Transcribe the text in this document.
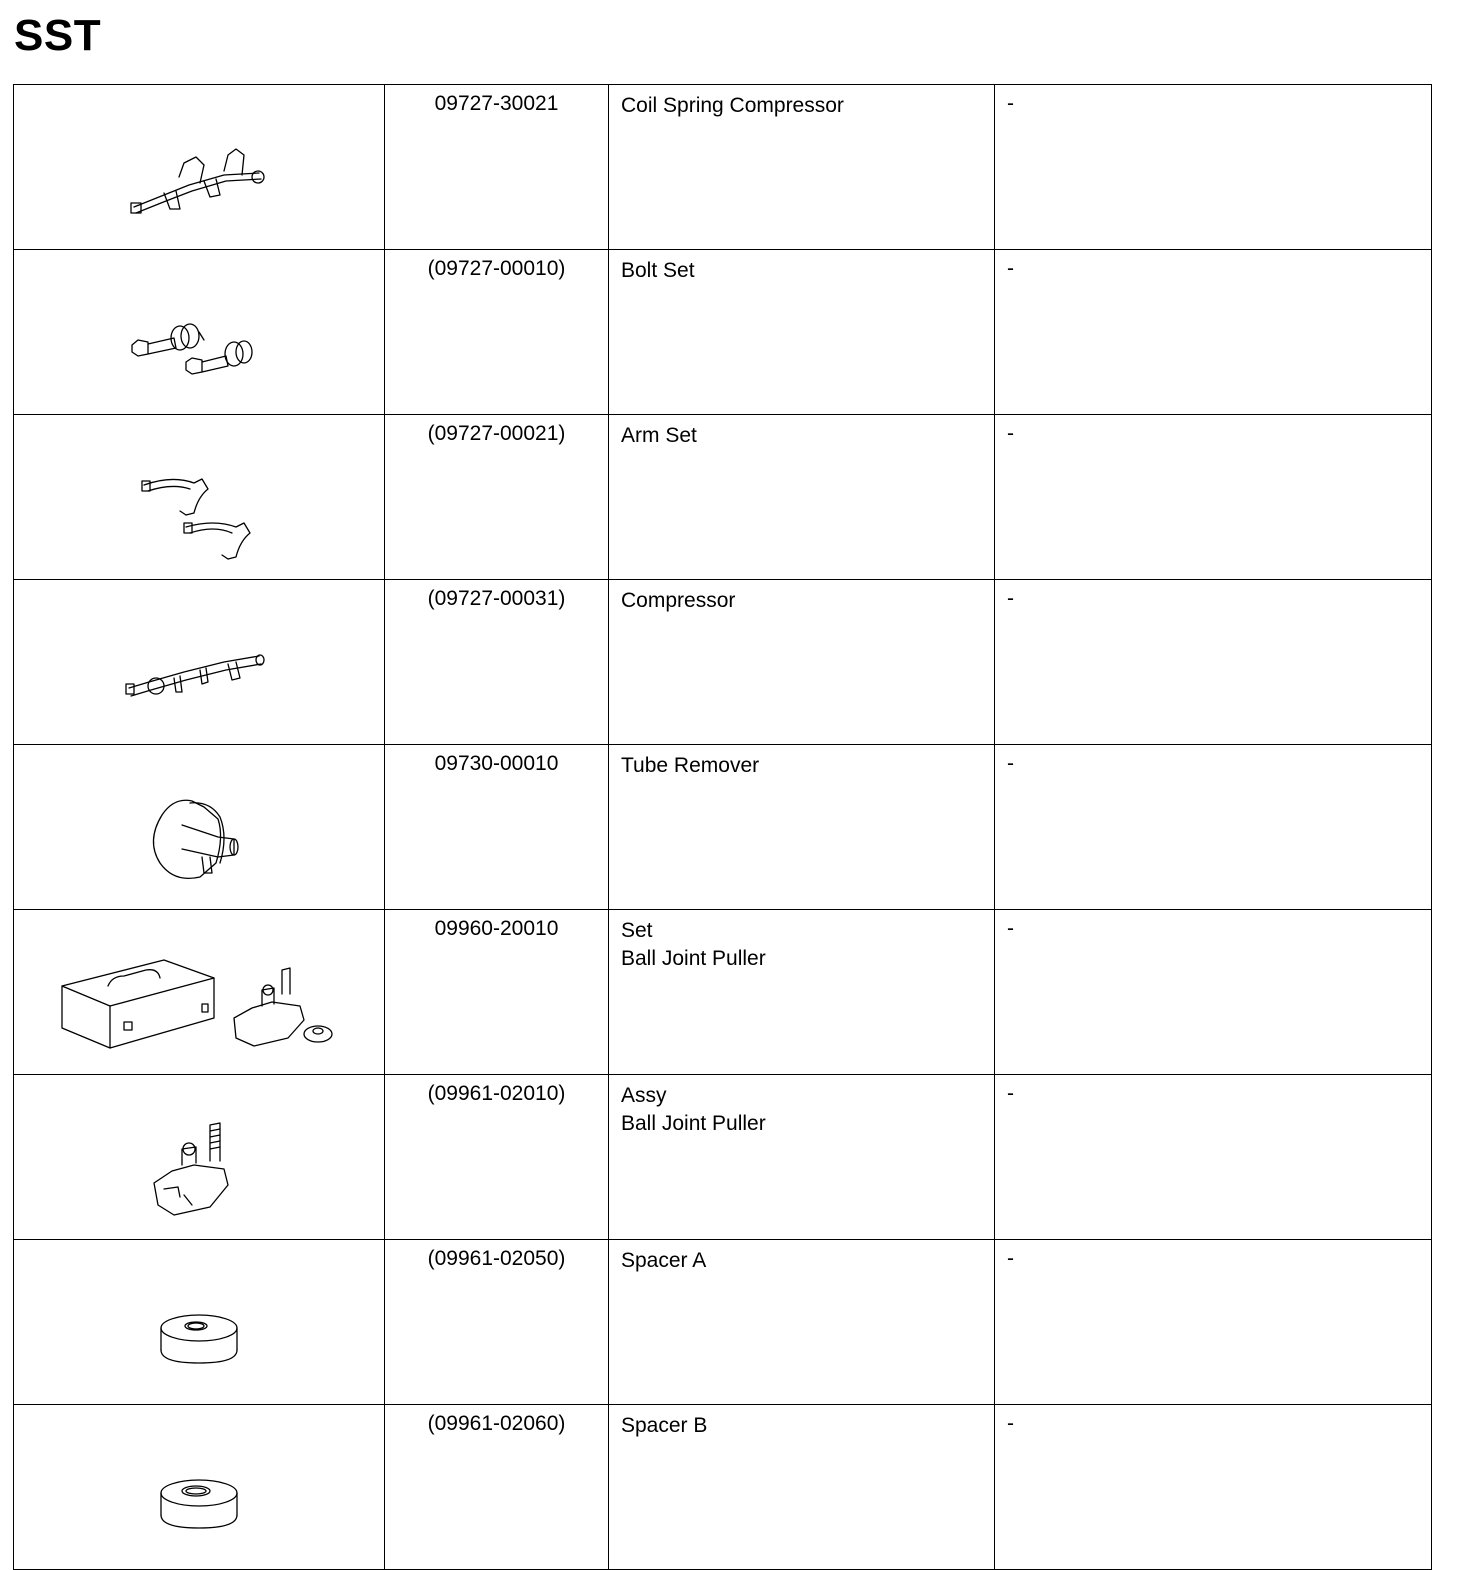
SST
	09727-30021	Coil Spring Compressor	-

	(09727-00010)	Bolt Set	-

	(09727-00021)	Arm Set	-

	(09727-00031)	Compressor	-

	09730-00010	Tube Remover	-

	09960-20010	Set
Ball Joint Puller	-

	(09961-02010)	Assy
Ball Joint Puller	-

	(09961-02050)	Spacer A	-

	(09961-02060)	Spacer B	-
